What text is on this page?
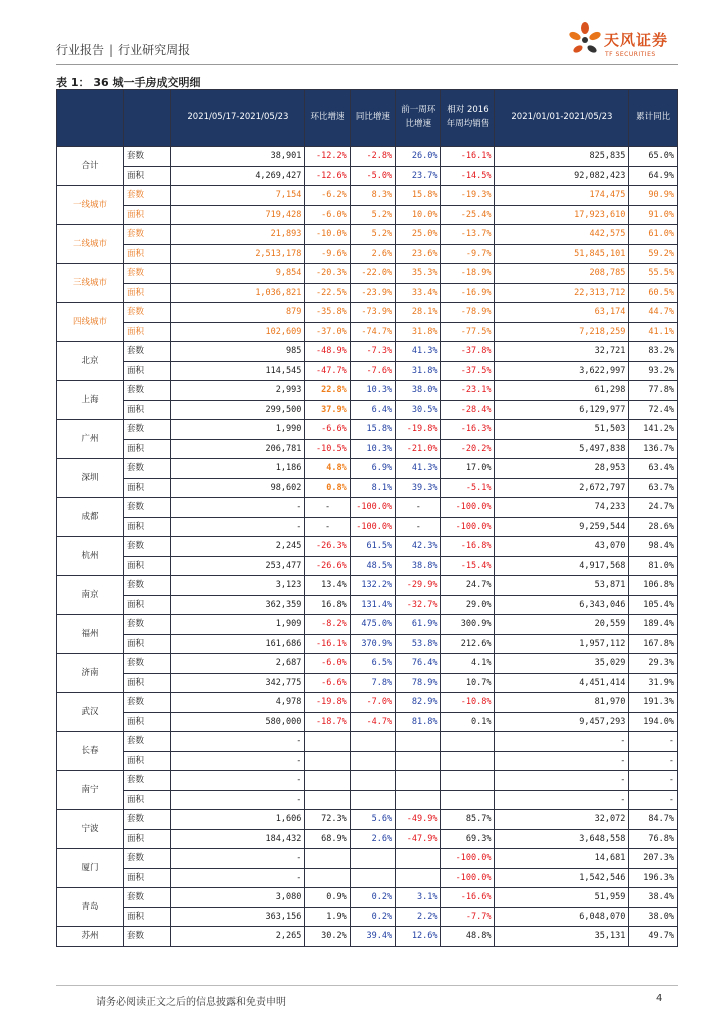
行业报告 | 行业研究周报
天风证券
TF SECURITIES
表 1： 36 城一手房成交明细
		2021/05/17-2021/05/23	环比增速	同比增速	前一周环比增速	相对 2016 年周均销售	2021/01/01-2021/05/23	累计同比
合计	套数	38,901	-12.2%	-2.8%	26.0%	-16.1%	825,835	65.0%
	面积	4,269,427	-12.6%	-5.0%	23.7%	-14.5%	92,082,423	64.9%
一线城市	套数	7,154	-6.2%	8.3%	15.8%	-19.3%	174,475	90.9%
	面积	719,428	-6.0%	5.2%	10.0%	-25.4%	17,923,610	91.0%
二线城市	套数	21,893	-10.0%	5.2%	25.0%	-13.7%	442,575	61.0%
	面积	2,513,178	-9.6%	2.6%	23.6%	-9.7%	51,845,101	59.2%
三线城市	套数	9,854	-20.3%	-22.0%	35.3%	-18.9%	208,785	55.5%
	面积	1,036,821	-22.5%	-23.9%	33.4%	-16.9%	22,313,712	60.5%
四线城市	套数	879	-35.8%	-73.9%	28.1%	-78.9%	63,174	44.7%
	面积	102,609	-37.0%	-74.7%	31.8%	-77.5%	7,218,259	41.1%
北京	套数	985	-48.9%	-7.3%	41.3%	-37.8%	32,721	83.2%
	面积	114,545	-47.7%	-7.6%	31.8%	-37.5%	3,622,997	93.2%
上海	套数	2,993	22.8%	10.3%	38.0%	-23.1%	61,298	77.8%
	面积	299,500	37.9%	6.4%	30.5%	-28.4%	6,129,977	72.4%
广州	套数	1,990	-6.6%	15.8%	-19.8%	-16.3%	51,503	141.2%
	面积	206,781	-10.5%	10.3%	-21.0%	-20.2%	5,497,838	136.7%
深圳	套数	1,186	4.8%	6.9%	41.3%	17.0%	28,953	63.4%
	面积	98,602	0.8%	8.1%	39.3%	-5.1%	2,672,797	63.7%
成都	套数	-	-	-100.0%	-	-100.0%	74,233	24.7%
	面积	-	-	-100.0%	-	-100.0%	9,259,544	28.6%
杭州	套数	2,245	-26.3%	61.5%	42.3%	-16.8%	43,070	98.4%
	面积	253,477	-26.6%	48.5%	38.8%	-15.4%	4,917,568	81.0%
南京	套数	3,123	13.4%	132.2%	-29.9%	24.7%	53,871	106.8%
	面积	362,359	16.8%	131.4%	-32.7%	29.0%	6,343,046	105.4%
福州	套数	1,909	-8.2%	475.0%	61.9%	300.9%	20,559	189.4%
	面积	161,686	-16.1%	370.9%	53.8%	212.6%	1,957,112	167.8%
济南	套数	2,687	-6.0%	6.5%	76.4%	4.1%	35,029	29.3%
	面积	342,775	-6.6%	7.8%	78.9%	10.7%	4,451,414	31.9%
武汉	套数	4,978	-19.8%	-7.0%	82.9%	-10.8%	81,970	191.3%
	面积	580,000	-18.7%	-4.7%	81.8%	0.1%	9,457,293	194.0%
长春	套数	-					-	-
	面积	-					-	-
南宁	套数	-					-	-
	面积	-					-	-
宁波	套数	1,606	72.3%	5.6%	-49.9%	85.7%	32,072	84.7%
	面积	184,432	68.9%	2.6%	-47.9%	69.3%	3,648,558	76.8%
厦门	套数	-				-100.0%	14,681	207.3%
	面积	-				-100.0%	1,542,546	196.3%
青岛	套数	3,080	0.9%	0.2%	3.1%	-16.6%	51,959	38.4%
	面积	363,156	1.9%	0.2%	2.2%	-7.7%	6,048,070	38.0%
苏州	套数	2,265	30.2%	39.4%	12.6%	48.8%	35,131	49.7%
请务必阅读正文之后的信息披露和免责申明	4
